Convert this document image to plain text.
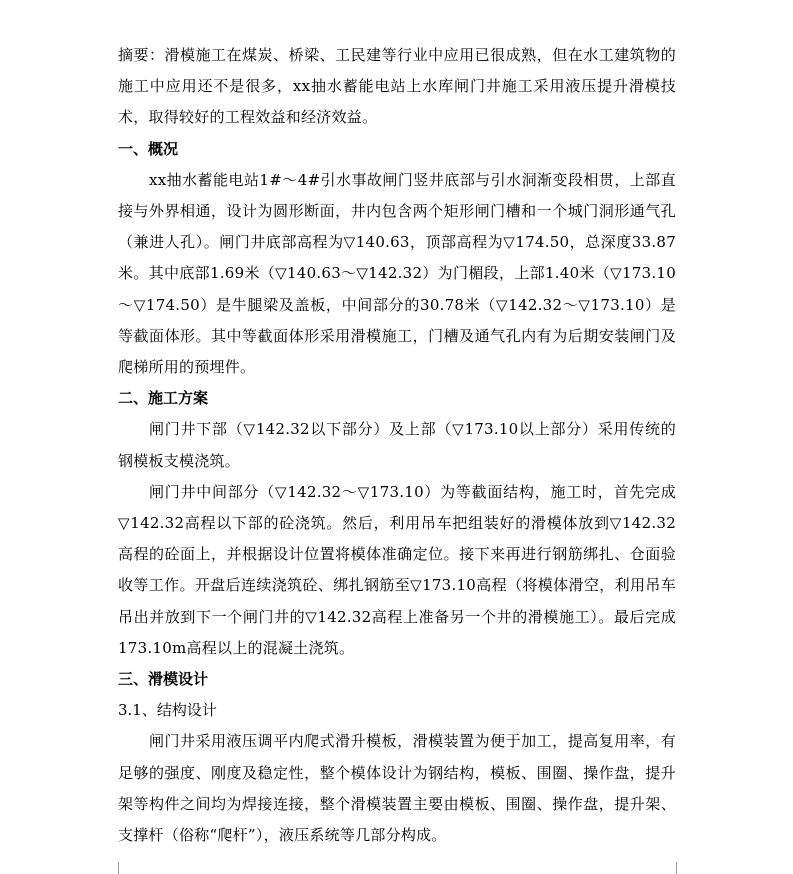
摘要：滑模施工在煤炭、桥梁、工民建等行业中应用已很成熟，但在水工建筑物的施工中应用还不是很多，xx抽水蓄能电站上水库闸门井施工采用液压提升滑模技术，取得较好的工程效益和经济效益。

一、概况

xx抽水蓄能电站1#～4#引水事故闸门竖井底部与引水洞渐变段相贯，上部直接与外界相通，设计为圆形断面，井内包含两个矩形闸门槽和一个城门洞形通气孔（兼进人孔）。闸门井底部高程为▽140.63，顶部高程为▽174.50，总深度33.87米。其中底部1.69米（▽140.63～▽142.32）为门楣段，上部1.40米（▽173.10～▽174.50）是牛腿梁及盖板，中间部分的30.78米（▽142.32～▽173.10）是等截面体形。其中等截面体形采用滑模施工，门槽及通气孔内有为后期安装闸门及爬梯所用的预埋件。

二、施工方案

闸门井下部（▽142.32以下部分）及上部（▽173.10以上部分）采用传统的钢模板支模浇筑。

闸门井中间部分（▽142.32～▽173.10）为等截面结构，施工时，首先完成▽142.32高程以下部的砼浇筑。然后，利用吊车把组装好的滑模体放到▽142.32高程的砼面上，并根据设计位置将模体准确定位。接下来再进行钢筋绑扎、仓面验收等工作。开盘后连续浇筑砼、绑扎钢筋至▽173.10高程（将模体滑空，利用吊车吊出并放到下一个闸门井的▽142.32高程上准备另一个井的滑模施工）。最后完成173.10m高程以上的混凝土浇筑。

三、滑模设计

3.1、结构设计

闸门井采用液压调平内爬式滑升模板，滑模装置为便于加工，提高复用率，有足够的强度、刚度及稳定性，整个模体设计为钢结构，模板、围圈、操作盘，提升架等构件之间均为焊接连接，整个滑模装置主要由模板、围圈、操作盘，提升架、支撑杆（俗称“爬杆”），液压系统等几部分构成。
